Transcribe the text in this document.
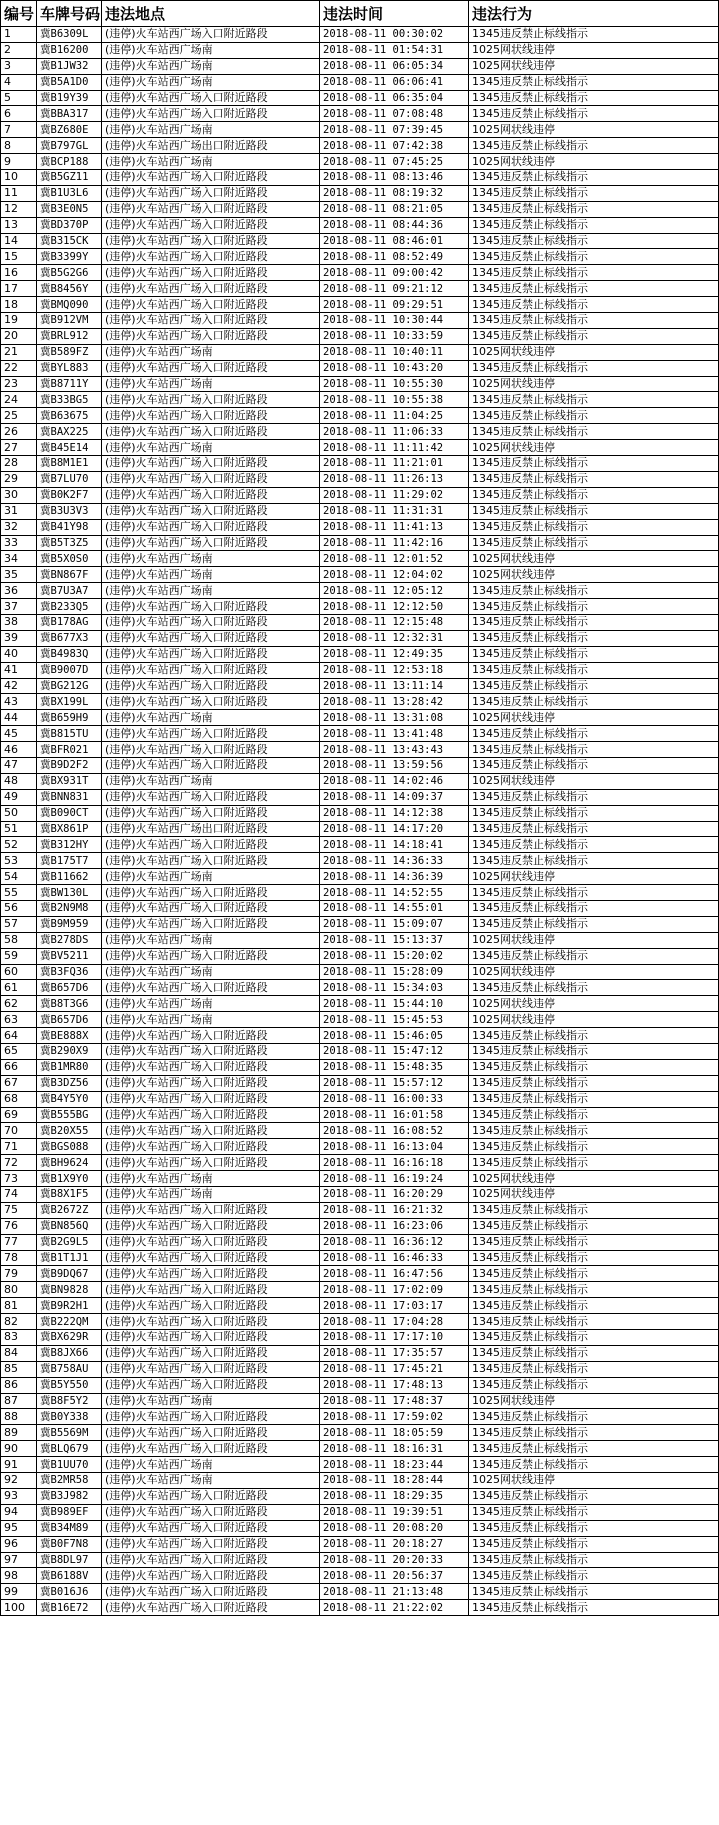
编号	车牌号码	违法地点	违法时间	违法行为
1	冀B6309L	(违停)火车站西广场入口附近路段	2018-08-11 00:30:02	1345违反禁止标线指示
2	冀B16200	(违停)火车站西广场南	2018-08-11 01:54:31	1025网状线违停
3	冀B1JW32	(违停)火车站西广场南	2018-08-11 06:05:34	1025网状线违停
4	冀B5A1D0	(违停)火车站西广场南	2018-08-11 06:06:41	1345违反禁止标线指示
5	冀B19Y39	(违停)火车站西广场入口附近路段	2018-08-11 06:35:04	1345违反禁止标线指示
6	冀BBA317	(违停)火车站西广场入口附近路段	2018-08-11 07:08:48	1345违反禁止标线指示
7	冀BZ680E	(违停)火车站西广场南	2018-08-11 07:39:45	1025网状线违停
8	冀B797GL	(违停)火车站西广场出口附近路段	2018-08-11 07:42:38	1345违反禁止标线指示
9	冀BCP188	(违停)火车站西广场南	2018-08-11 07:45:25	1025网状线违停
10	冀B5GZ11	(违停)火车站西广场入口附近路段	2018-08-11 08:13:46	1345违反禁止标线指示
11	冀B1U3L6	(违停)火车站西广场入口附近路段	2018-08-11 08:19:32	1345违反禁止标线指示
12	冀B3E0N5	(违停)火车站西广场入口附近路段	2018-08-11 08:21:05	1345违反禁止标线指示
13	冀BD370P	(违停)火车站西广场入口附近路段	2018-08-11 08:44:36	1345违反禁止标线指示
14	冀B315CK	(违停)火车站西广场入口附近路段	2018-08-11 08:46:01	1345违反禁止标线指示
15	冀B3399Y	(违停)火车站西广场入口附近路段	2018-08-11 08:52:49	1345违反禁止标线指示
16	冀B5G2G6	(违停)火车站西广场入口附近路段	2018-08-11 09:00:42	1345违反禁止标线指示
17	冀B8456Y	(违停)火车站西广场入口附近路段	2018-08-11 09:21:12	1345违反禁止标线指示
18	冀BMQ090	(违停)火车站西广场入口附近路段	2018-08-11 09:29:51	1345违反禁止标线指示
19	冀B912VM	(违停)火车站西广场入口附近路段	2018-08-11 10:30:44	1345违反禁止标线指示
20	冀BRL912	(违停)火车站西广场入口附近路段	2018-08-11 10:33:59	1345违反禁止标线指示
21	冀B589FZ	(违停)火车站西广场南	2018-08-11 10:40:11	1025网状线违停
22	冀BYL883	(违停)火车站西广场入口附近路段	2018-08-11 10:43:20	1345违反禁止标线指示
23	冀B8711Y	(违停)火车站西广场南	2018-08-11 10:55:30	1025网状线违停
24	冀B33BG5	(违停)火车站西广场入口附近路段	2018-08-11 10:55:38	1345违反禁止标线指示
25	冀B63675	(违停)火车站西广场入口附近路段	2018-08-11 11:04:25	1345违反禁止标线指示
26	冀BAX225	(违停)火车站西广场入口附近路段	2018-08-11 11:06:33	1345违反禁止标线指示
27	冀B45E14	(违停)火车站西广场南	2018-08-11 11:11:42	1025网状线违停
28	冀B8M1E1	(违停)火车站西广场入口附近路段	2018-08-11 11:21:01	1345违反禁止标线指示
29	冀B7LU70	(违停)火车站西广场入口附近路段	2018-08-11 11:26:13	1345违反禁止标线指示
30	冀B0K2F7	(违停)火车站西广场入口附近路段	2018-08-11 11:29:02	1345违反禁止标线指示
31	冀B3U3V3	(违停)火车站西广场入口附近路段	2018-08-11 11:31:31	1345违反禁止标线指示
32	冀B41Y98	(违停)火车站西广场入口附近路段	2018-08-11 11:41:13	1345违反禁止标线指示
33	冀B5T3Z5	(违停)火车站西广场入口附近路段	2018-08-11 11:42:16	1345违反禁止标线指示
34	冀B5X0S0	(违停)火车站西广场南	2018-08-11 12:01:52	1025网状线违停
35	冀BN867F	(违停)火车站西广场南	2018-08-11 12:04:02	1025网状线违停
36	冀B7U3A7	(违停)火车站西广场南	2018-08-11 12:05:12	1345违反禁止标线指示
37	冀B233Q5	(违停)火车站西广场入口附近路段	2018-08-11 12:12:50	1345违反禁止标线指示
38	冀B178AG	(违停)火车站西广场入口附近路段	2018-08-11 12:15:48	1345违反禁止标线指示
39	冀B677X3	(违停)火车站西广场入口附近路段	2018-08-11 12:32:31	1345违反禁止标线指示
40	冀B4983Q	(违停)火车站西广场入口附近路段	2018-08-11 12:49:35	1345违反禁止标线指示
41	冀B9007D	(违停)火车站西广场入口附近路段	2018-08-11 12:53:18	1345违反禁止标线指示
42	冀BG212G	(违停)火车站西广场入口附近路段	2018-08-11 13:11:14	1345违反禁止标线指示
43	冀BX199L	(违停)火车站西广场入口附近路段	2018-08-11 13:28:42	1345违反禁止标线指示
44	冀B659H9	(违停)火车站西广场南	2018-08-11 13:31:08	1025网状线违停
45	冀B815TU	(违停)火车站西广场入口附近路段	2018-08-11 13:41:48	1345违反禁止标线指示
46	冀BFR021	(违停)火车站西广场入口附近路段	2018-08-11 13:43:43	1345违反禁止标线指示
47	冀B9D2F2	(违停)火车站西广场入口附近路段	2018-08-11 13:59:56	1345违反禁止标线指示
48	冀BX931T	(违停)火车站西广场南	2018-08-11 14:02:46	1025网状线违停
49	冀BNN831	(违停)火车站西广场入口附近路段	2018-08-11 14:09:37	1345违反禁止标线指示
50	冀B090CT	(违停)火车站西广场入口附近路段	2018-08-11 14:12:38	1345违反禁止标线指示
51	冀BX861P	(违停)火车站西广场出口附近路段	2018-08-11 14:17:20	1345违反禁止标线指示
52	冀B312HY	(违停)火车站西广场入口附近路段	2018-08-11 14:18:41	1345违反禁止标线指示
53	冀B175T7	(违停)火车站西广场入口附近路段	2018-08-11 14:36:33	1345违反禁止标线指示
54	冀B11662	(违停)火车站西广场南	2018-08-11 14:36:39	1025网状线违停
55	冀BW130L	(违停)火车站西广场入口附近路段	2018-08-11 14:52:55	1345违反禁止标线指示
56	冀B2N9M8	(违停)火车站西广场入口附近路段	2018-08-11 14:55:01	1345违反禁止标线指示
57	冀B9M959	(违停)火车站西广场入口附近路段	2018-08-11 15:09:07	1345违反禁止标线指示
58	冀B278DS	(违停)火车站西广场南	2018-08-11 15:13:37	1025网状线违停
59	冀BV5211	(违停)火车站西广场入口附近路段	2018-08-11 15:20:02	1345违反禁止标线指示
60	冀B3FQ36	(违停)火车站西广场南	2018-08-11 15:28:09	1025网状线违停
61	冀B657D6	(违停)火车站西广场入口附近路段	2018-08-11 15:34:03	1345违反禁止标线指示
62	冀B8T3G6	(违停)火车站西广场南	2018-08-11 15:44:10	1025网状线违停
63	冀B657D6	(违停)火车站西广场南	2018-08-11 15:45:53	1025网状线违停
64	冀BE888X	(违停)火车站西广场入口附近路段	2018-08-11 15:46:05	1345违反禁止标线指示
65	冀B290X9	(违停)火车站西广场入口附近路段	2018-08-11 15:47:12	1345违反禁止标线指示
66	冀B1MR80	(违停)火车站西广场入口附近路段	2018-08-11 15:48:35	1345违反禁止标线指示
67	冀B3DZ56	(违停)火车站西广场入口附近路段	2018-08-11 15:57:12	1345违反禁止标线指示
68	冀B4Y5Y0	(违停)火车站西广场入口附近路段	2018-08-11 16:00:33	1345违反禁止标线指示
69	冀B555BG	(违停)火车站西广场入口附近路段	2018-08-11 16:01:58	1345违反禁止标线指示
70	冀B20X55	(违停)火车站西广场入口附近路段	2018-08-11 16:08:52	1345违反禁止标线指示
71	冀BGS088	(违停)火车站西广场入口附近路段	2018-08-11 16:13:04	1345违反禁止标线指示
72	冀BH9624	(违停)火车站西广场入口附近路段	2018-08-11 16:16:18	1345违反禁止标线指示
73	冀B1X9Y0	(违停)火车站西广场南	2018-08-11 16:19:24	1025网状线违停
74	冀B8X1F5	(违停)火车站西广场南	2018-08-11 16:20:29	1025网状线违停
75	冀B2672Z	(违停)火车站西广场入口附近路段	2018-08-11 16:21:32	1345违反禁止标线指示
76	冀BN856Q	(违停)火车站西广场入口附近路段	2018-08-11 16:23:06	1345违反禁止标线指示
77	冀B2G9L5	(违停)火车站西广场入口附近路段	2018-08-11 16:36:12	1345违反禁止标线指示
78	冀B1T1J1	(违停)火车站西广场入口附近路段	2018-08-11 16:46:33	1345违反禁止标线指示
79	冀B9DQ67	(违停)火车站西广场入口附近路段	2018-08-11 16:47:56	1345违反禁止标线指示
80	冀BN9828	(违停)火车站西广场入口附近路段	2018-08-11 17:02:09	1345违反禁止标线指示
81	冀B9R2H1	(违停)火车站西广场入口附近路段	2018-08-11 17:03:17	1345违反禁止标线指示
82	冀B222QM	(违停)火车站西广场入口附近路段	2018-08-11 17:04:28	1345违反禁止标线指示
83	冀BX629R	(违停)火车站西广场入口附近路段	2018-08-11 17:17:10	1345违反禁止标线指示
84	冀B8JX66	(违停)火车站西广场入口附近路段	2018-08-11 17:35:57	1345违反禁止标线指示
85	冀B758AU	(违停)火车站西广场入口附近路段	2018-08-11 17:45:21	1345违反禁止标线指示
86	冀B5Y550	(违停)火车站西广场入口附近路段	2018-08-11 17:48:13	1345违反禁止标线指示
87	冀B8F5Y2	(违停)火车站西广场南	2018-08-11 17:48:37	1025网状线违停
88	冀B0Y338	(违停)火车站西广场入口附近路段	2018-08-11 17:59:02	1345违反禁止标线指示
89	冀B5569M	(违停)火车站西广场入口附近路段	2018-08-11 18:05:59	1345违反禁止标线指示
90	冀BLQ679	(违停)火车站西广场入口附近路段	2018-08-11 18:16:31	1345违反禁止标线指示
91	冀B1UU70	(违停)火车站西广场南	2018-08-11 18:23:44	1345违反禁止标线指示
92	冀B2MR58	(违停)火车站西广场南	2018-08-11 18:28:44	1025网状线违停
93	冀B3J982	(违停)火车站西广场入口附近路段	2018-08-11 18:29:35	1345违反禁止标线指示
94	冀B989EF	(违停)火车站西广场入口附近路段	2018-08-11 19:39:51	1345违反禁止标线指示
95	冀B34M89	(违停)火车站西广场入口附近路段	2018-08-11 20:08:20	1345违反禁止标线指示
96	冀B0F7N8	(违停)火车站西广场入口附近路段	2018-08-11 20:18:27	1345违反禁止标线指示
97	冀B8DL97	(违停)火车站西广场入口附近路段	2018-08-11 20:20:33	1345违反禁止标线指示
98	冀B6188V	(违停)火车站西广场入口附近路段	2018-08-11 20:56:37	1345违反禁止标线指示
99	冀B016J6	(违停)火车站西广场入口附近路段	2018-08-11 21:13:48	1345违反禁止标线指示
100	冀B16E72	(违停)火车站西广场入口附近路段	2018-08-11 21:22:02	1345违反禁止标线指示
